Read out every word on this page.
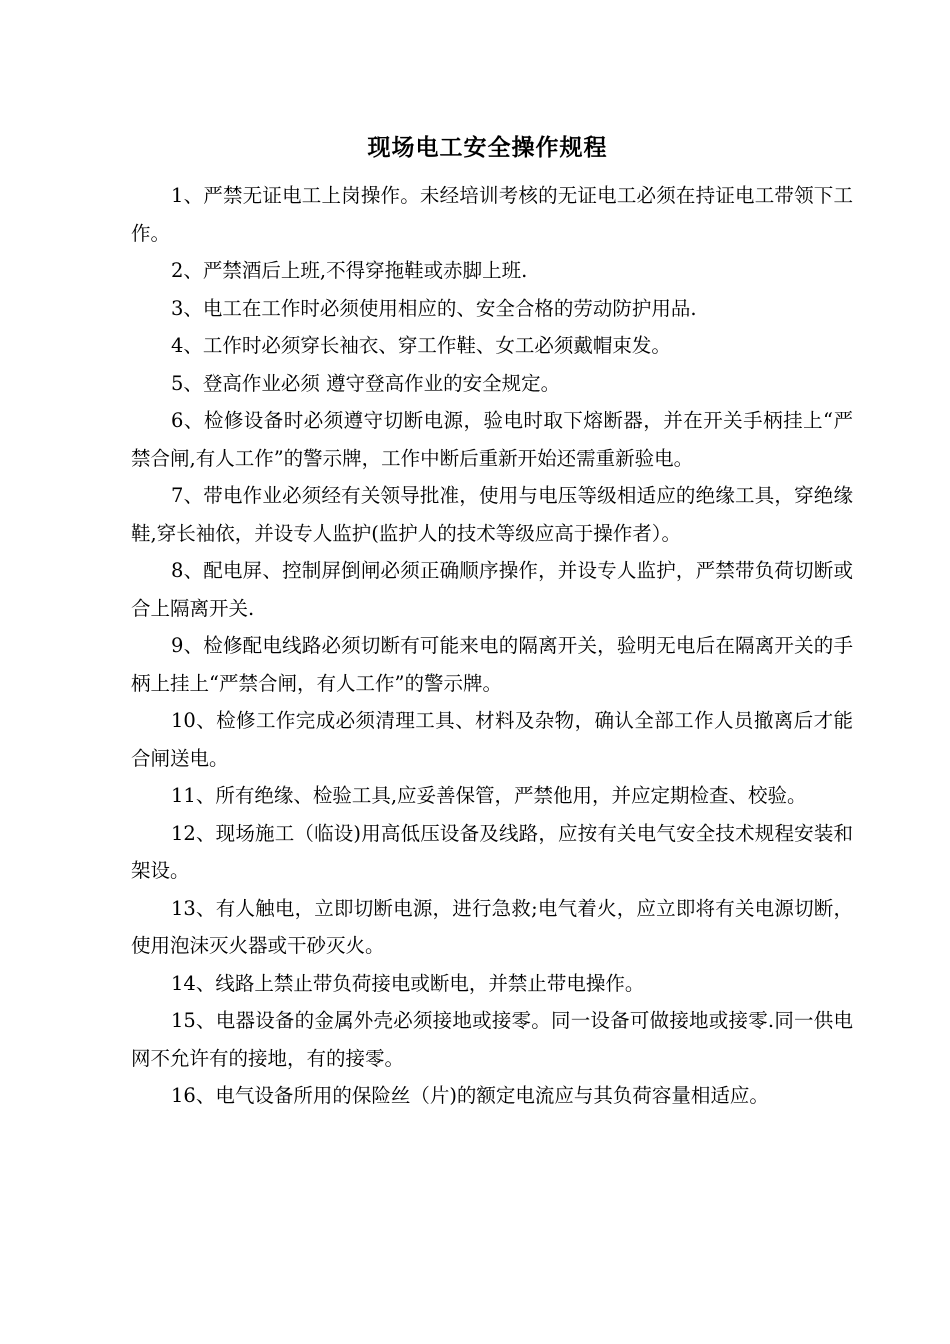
现场电工安全操作规程

1、严禁无证电工上岗操作。未经培训考核的无证电工必须在持证电工带领下工作。

2、严禁酒后上班,不得穿拖鞋或赤脚上班.

3、电工在工作时必须使用相应的、安全合格的劳动防护用品.

4、工作时必须穿长袖衣、穿工作鞋、女工必须戴帽束发。

5、登高作业必须 遵守登高作业的安全规定。

6、检修设备时必须遵守切断电源，验电时取下熔断器，并在开关手柄挂上“严禁合闸,有人工作”的警示牌，工作中断后重新开始还需重新验电。

7、带电作业必须经有关领导批准，使用与电压等级相适应的绝缘工具，穿绝缘鞋,穿长袖依，并设专人监护(监护人的技术等级应高于操作者）。

8、配电屏、控制屏倒闸必须正确顺序操作，并设专人监护，严禁带负荷切断或合上隔离开关.

9、检修配电线路必须切断有可能来电的隔离开关，验明无电后在隔离开关的手柄上挂上“严禁合闸，有人工作”的警示牌。

10、检修工作完成必须清理工具、材料及杂物，确认全部工作人员撤离后才能合闸送电。

11、所有绝缘、检验工具,应妥善保管，严禁他用，并应定期检查、校验。

12、现场施工（临设)用高低压设备及线路，应按有关电气安全技术规程安装和架设。

13、有人触电，立即切断电源，进行急救;电气着火，应立即将有关电源切断，使用泡沫灭火器或干砂灭火。

14、线路上禁止带负荷接电或断电，并禁止带电操作。

15、电器设备的金属外壳必须接地或接零。同一设备可做接地或接零.同一供电网不允许有的接地，有的接零。

16、电气设备所用的保险丝（片)的额定电流应与其负荷容量相适应。
